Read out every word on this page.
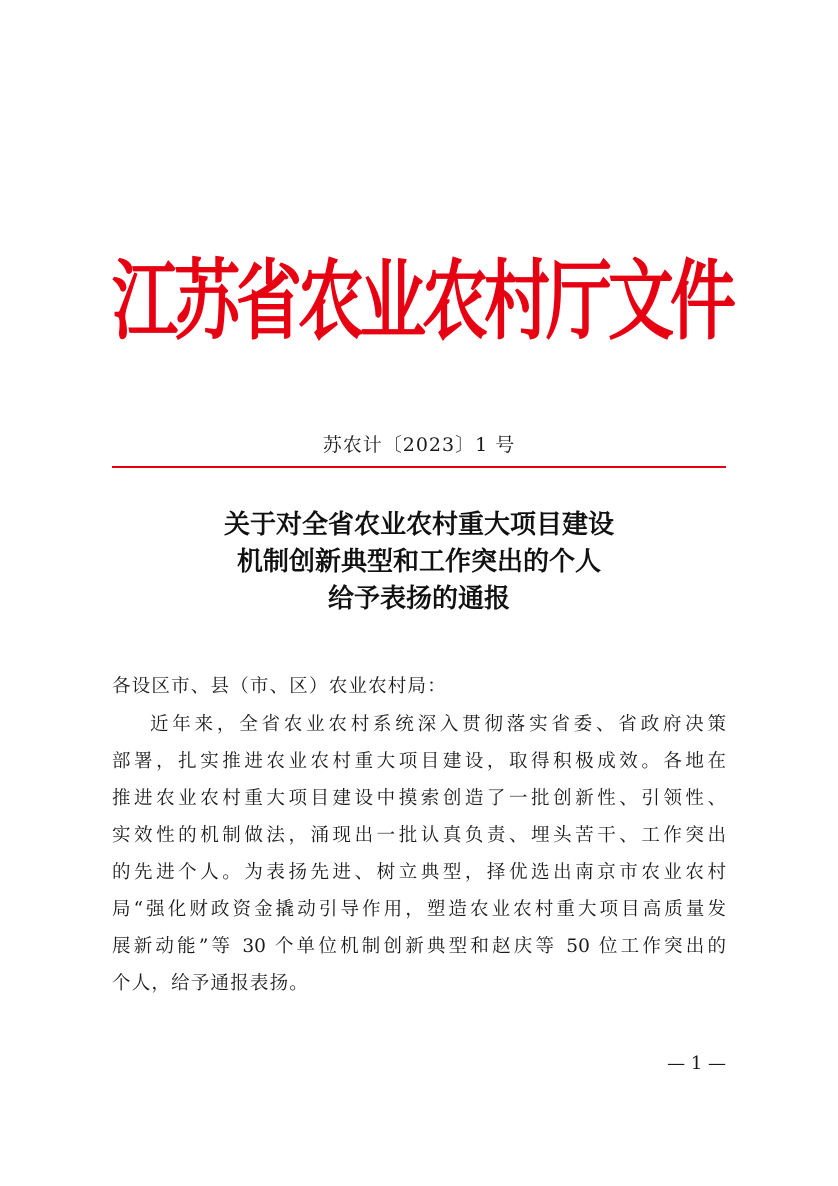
江苏省农业农村厅文件
苏农计〔2023〕1 号
关于对全省农业农村重大项目建设
机制创新典型和工作突出的个人
给予表扬的通报
各设区市、县（市、区）农业农村局：
近年来，全省农业农村系统深入贯彻落实省委、省政府决策
部署，扎实推进农业农村重大项目建设，取得积极成效。各地在
推进农业农村重大项目建设中摸索创造了一批创新性、引领性、
实效性的机制做法，涌现出一批认真负责、埋头苦干、工作突出
的先进个人。为表扬先进、树立典型，择优选出南京市农业农村
局“强化财政资金撬动引导作用，塑造农业农村重大项目高质量发
展新动能”等 30 个单位机制创新典型和赵庆等 50 位工作突出的
个人，给予通报表扬。
— 1 —
